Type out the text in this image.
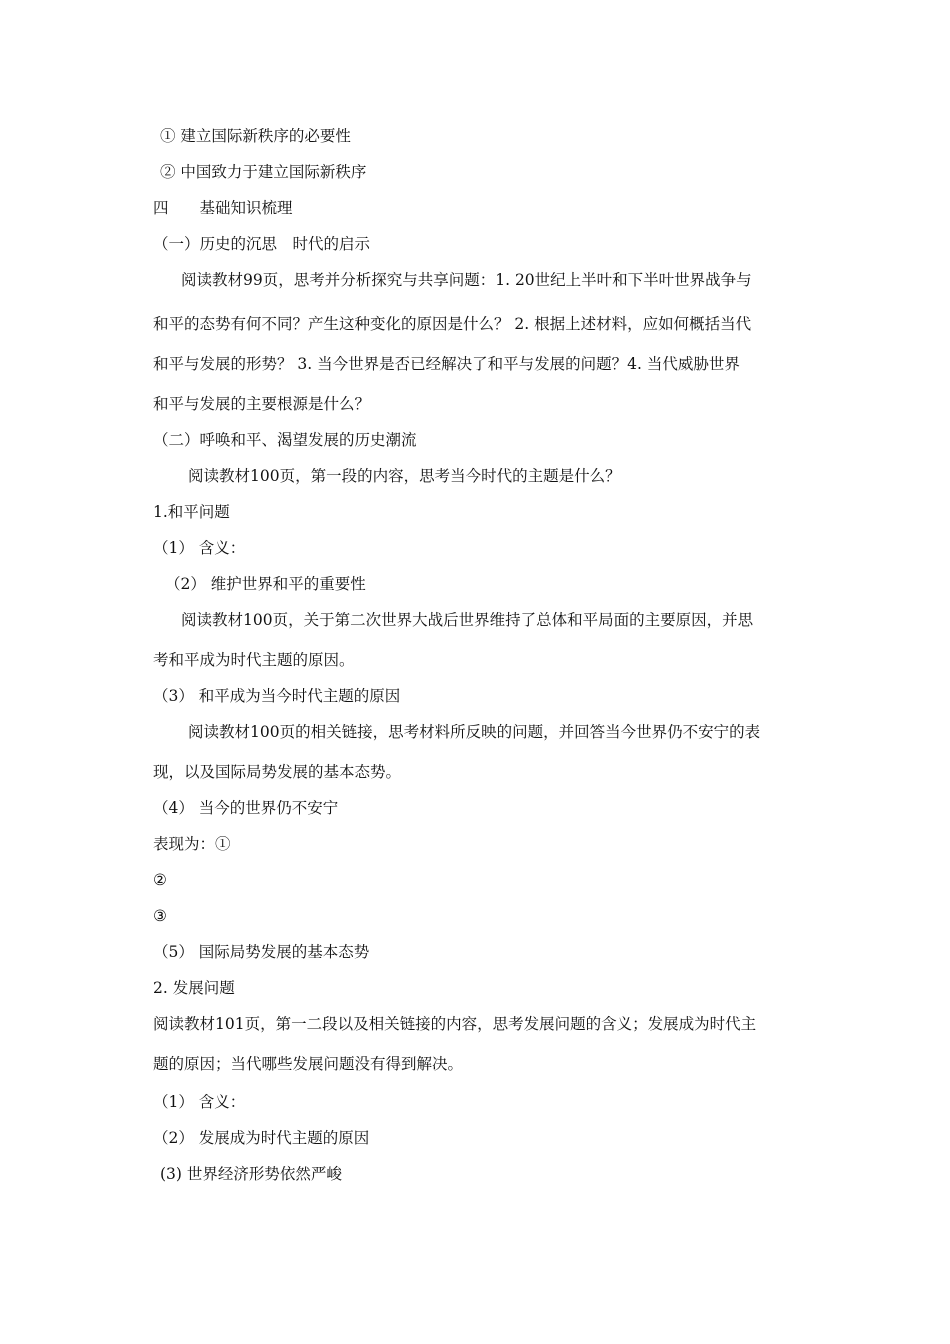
① 建立国际新秩序的必要性
② 中国致力于建立国际新秩序
四　　基础知识梳理
（一）历史的沉思　时代的启示
阅读教材99页，思考并分析探究与共享问题：1. 20世纪上半叶和下半叶世界战争与
和平的态势有何不同？产生这种变化的原因是什么？ 2. 根据上述材料，应如何概括当代
和平与发展的形势？ 3. 当今世界是否已经解决了和平与发展的问题？4. 当代威胁世界
和平与发展的主要根源是什么？
（二）呼唤和平、渴望发展的历史潮流
阅读教材100页，第一段的内容，思考当今时代的主题是什么？
1.和平问题
（1） 含义：
（2） 维护世界和平的重要性
阅读教材100页，关于第二次世界大战后世界维持了总体和平局面的主要原因，并思
考和平成为时代主题的原因。
（3） 和平成为当今时代主题的原因
阅读教材100页的相关链接，思考材料所反映的问题，并回答当今世界仍不安宁的表
现，以及国际局势发展的基本态势。
（4） 当今的世界仍不安宁
表现为：①
②
③
（5） 国际局势发展的基本态势
2. 发展问题
阅读教材101页，第一二段以及相关链接的内容，思考发展问题的含义；发展成为时代主
题的原因；当代哪些发展问题没有得到解决。
（1） 含义：
（2） 发展成为时代主题的原因
(3) 世界经济形势依然严峻
